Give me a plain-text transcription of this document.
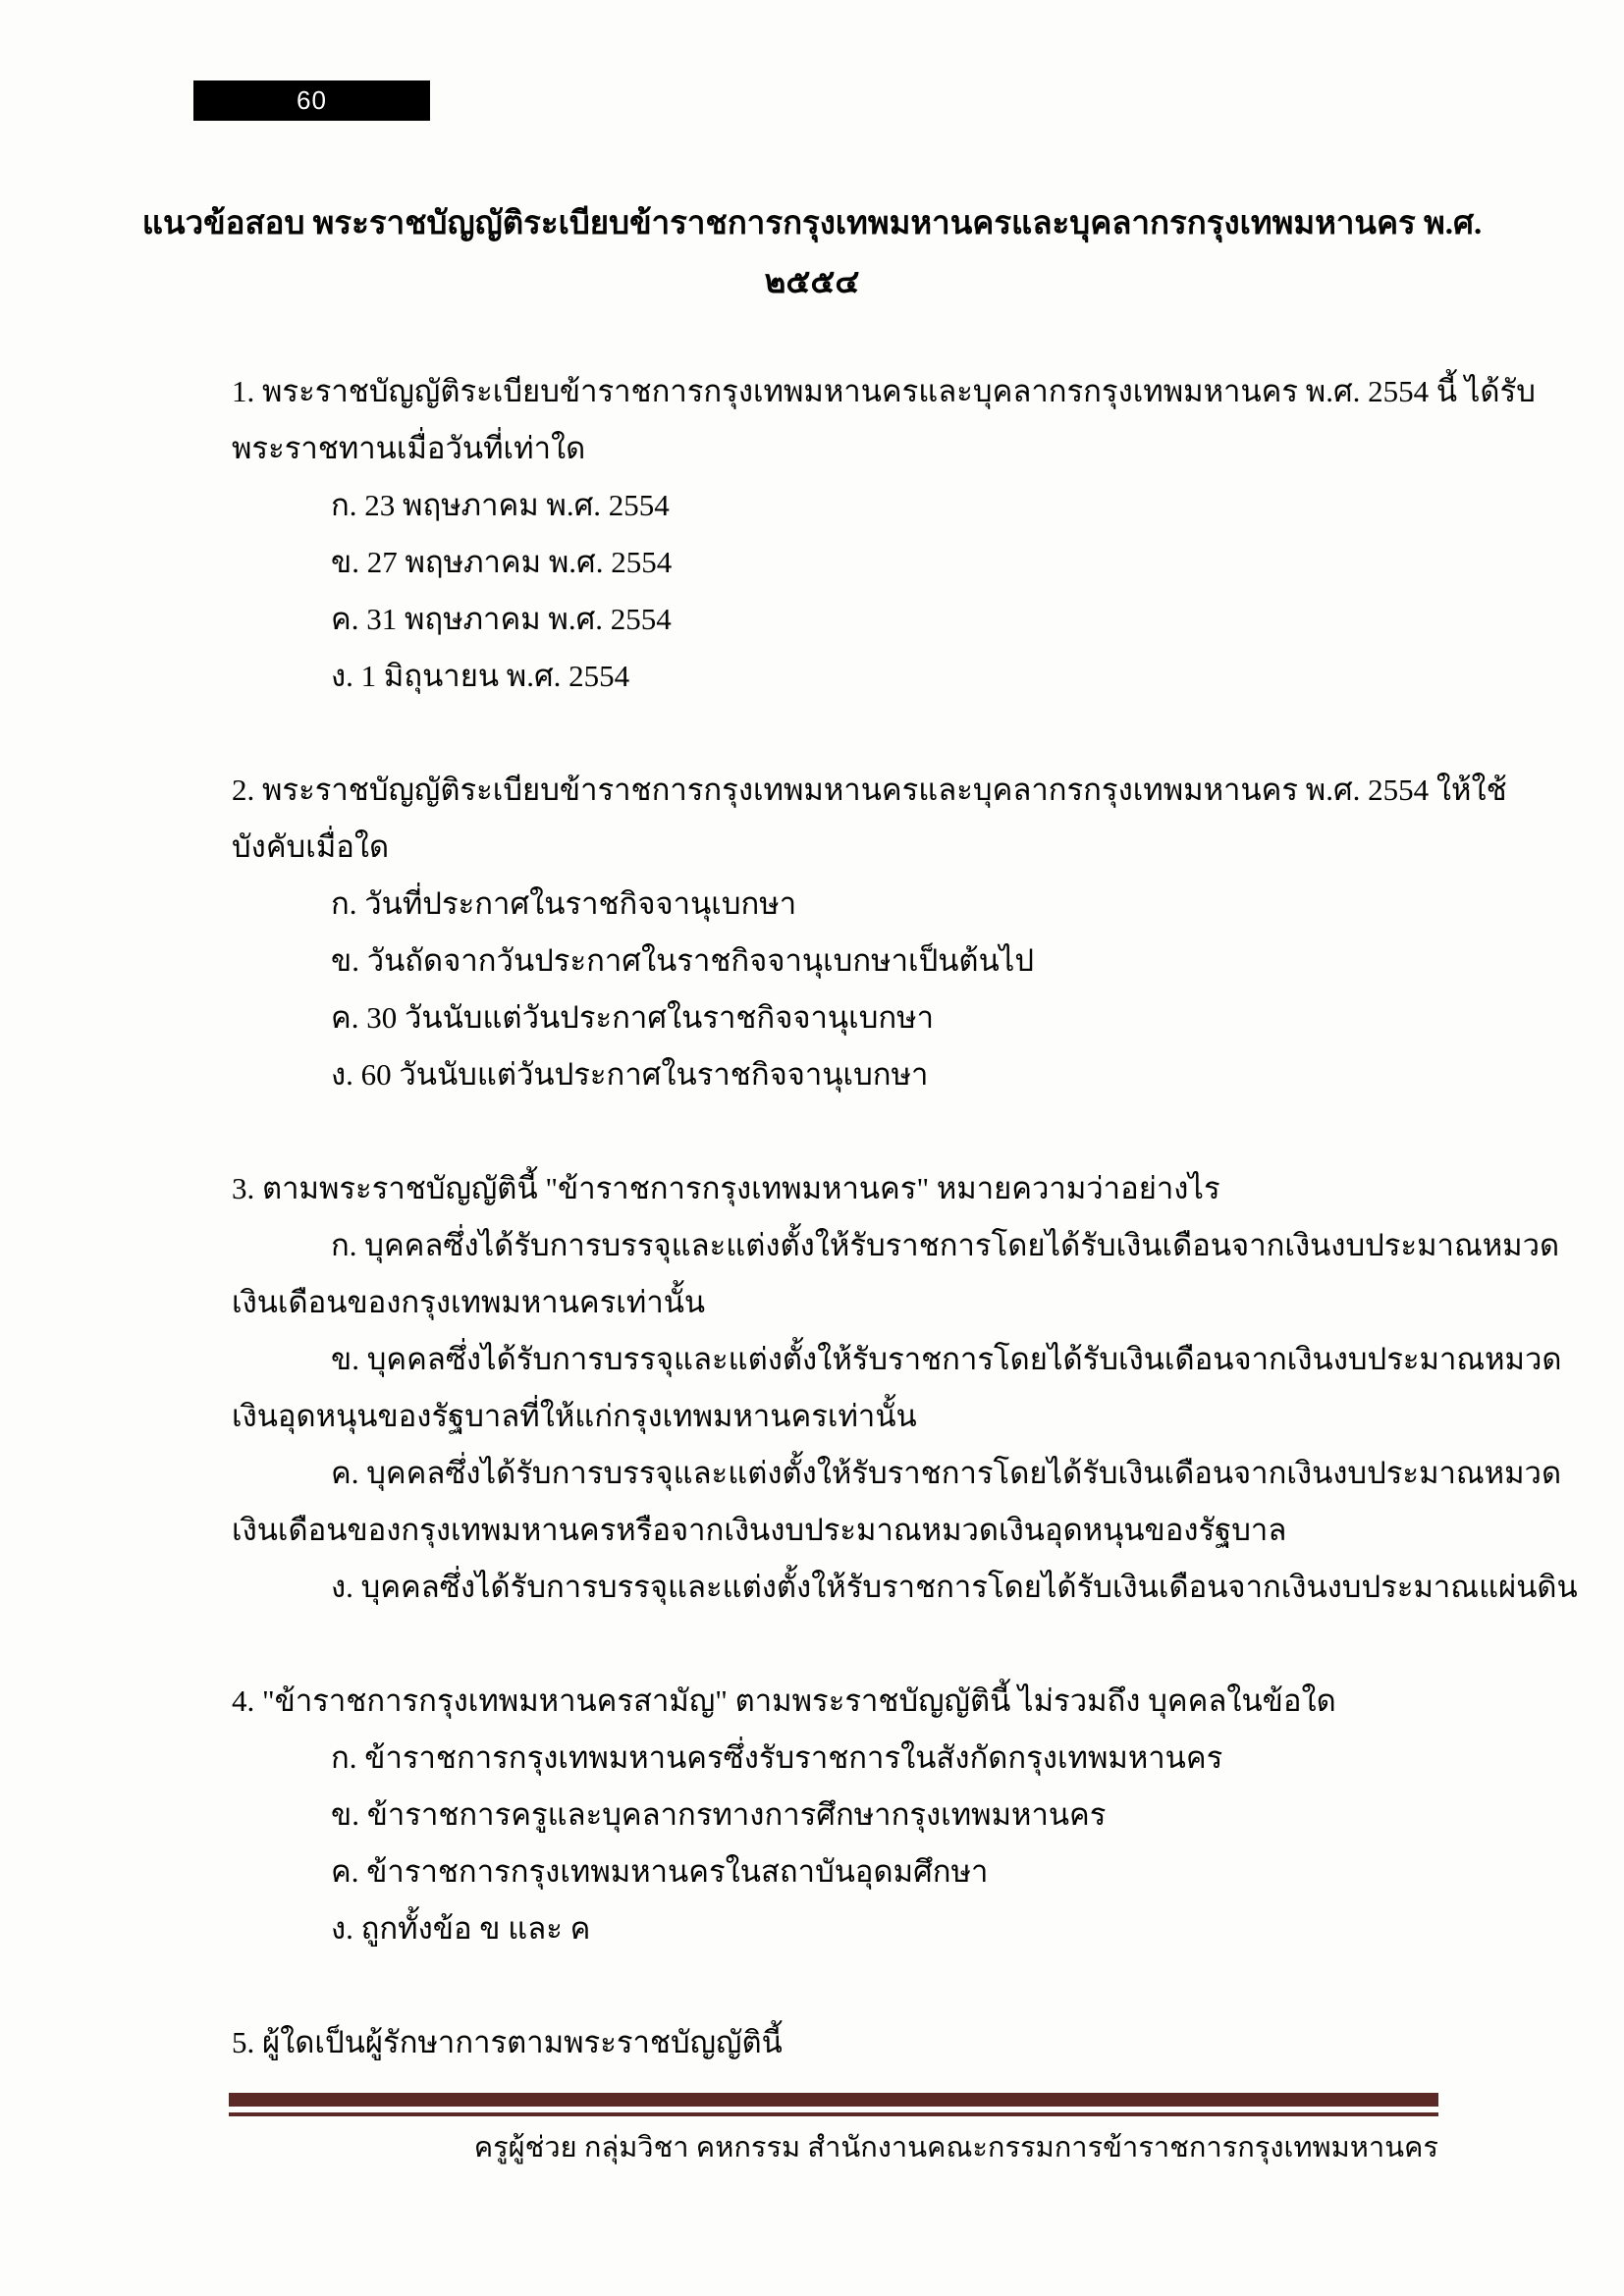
60
แนวข้อสอบ พระราชบัญญัติระเบียบข้าราชการกรุงเทพมหานครและบุคลากรกรุงเทพมหานคร พ.ศ.
๒๕๕๔
1. พระราชบัญญัติระเบียบข้าราชการกรุงเทพมหานครและบุคลากรกรุงเทพมหานคร พ.ศ. 2554 นี้ ได้รับ
พระราชทานเมื่อวันที่เท่าใด
ก. 23 พฤษภาคม พ.ศ. 2554
ข. 27 พฤษภาคม พ.ศ. 2554
ค. 31 พฤษภาคม พ.ศ. 2554
ง. 1 มิถุนายน พ.ศ. 2554
2. พระราชบัญญัติระเบียบข้าราชการกรุงเทพมหานครและบุคลากรกรุงเทพมหานคร พ.ศ. 2554 ให้ใช้
บังคับเมื่อใด
ก. วันที่ประกาศในราชกิจจานุเบกษา
ข. วันถัดจากวันประกาศในราชกิจจานุเบกษาเป็นต้นไป
ค. 30 วันนับแต่วันประกาศในราชกิจจานุเบกษา
ง. 60 วันนับแต่วันประกาศในราชกิจจานุเบกษา
3. ตามพระราชบัญญัตินี้ "ข้าราชการกรุงเทพมหานคร" หมายความว่าอย่างไร
ก. บุคคลซึ่งได้รับการบรรจุและแต่งตั้งให้รับราชการโดยได้รับเงินเดือนจากเงินงบประมาณหมวด
เงินเดือนของกรุงเทพมหานครเท่านั้น
ข. บุคคลซึ่งได้รับการบรรจุและแต่งตั้งให้รับราชการโดยได้รับเงินเดือนจากเงินงบประมาณหมวด
เงินอุดหนุนของรัฐบาลที่ให้แก่กรุงเทพมหานครเท่านั้น
ค. บุคคลซึ่งได้รับการบรรจุและแต่งตั้งให้รับราชการโดยได้รับเงินเดือนจากเงินงบประมาณหมวด
เงินเดือนของกรุงเทพมหานครหรือจากเงินงบประมาณหมวดเงินอุดหนุนของรัฐบาล
ง. บุคคลซึ่งได้รับการบรรจุและแต่งตั้งให้รับราชการโดยได้รับเงินเดือนจากเงินงบประมาณแผ่นดิน
4. "ข้าราชการกรุงเทพมหานครสามัญ" ตามพระราชบัญญัตินี้ ไม่รวมถึง บุคคลในข้อใด
ก. ข้าราชการกรุงเทพมหานครซึ่งรับราชการในสังกัดกรุงเทพมหานคร
ข. ข้าราชการครูและบุคลากรทางการศึกษากรุงเทพมหานคร
ค. ข้าราชการกรุงเทพมหานครในสถาบันอุดมศึกษา
ง. ถูกทั้งข้อ ข และ ค
5. ผู้ใดเป็นผู้รักษาการตามพระราชบัญญัตินี้
ครูผู้ช่วย กลุ่มวิชา คหกรรม สำนักงานคณะกรรมการข้าราชการกรุงเทพมหานคร
